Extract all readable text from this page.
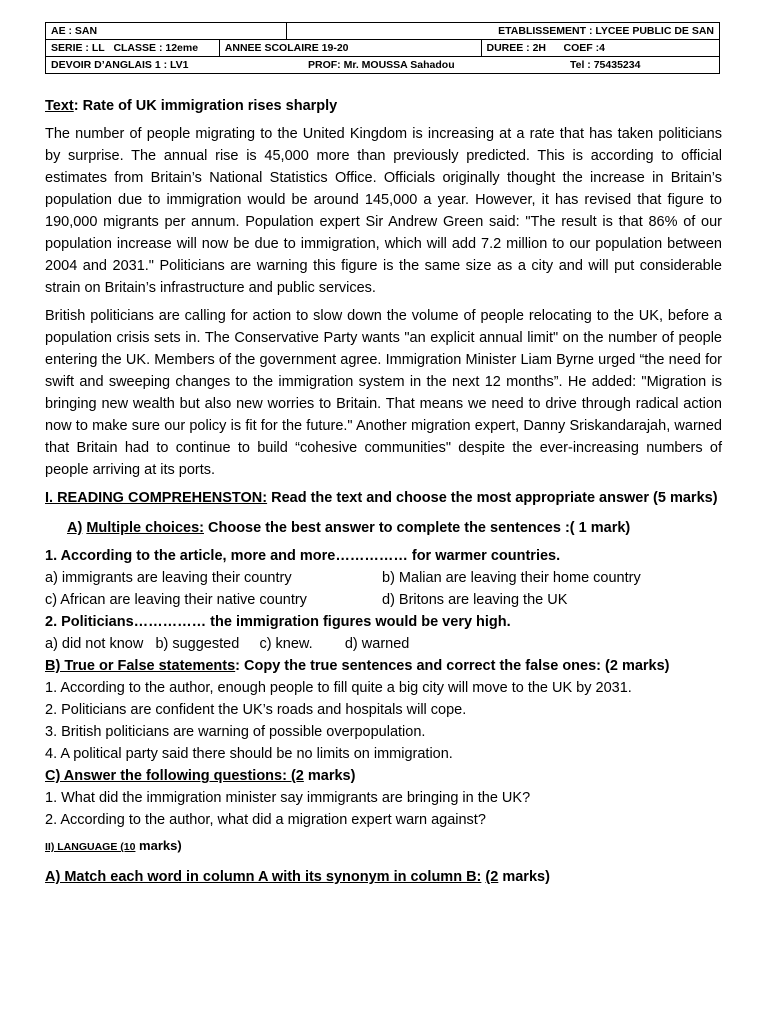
AE : SAN		ETABLISSEMENT : LYCEE PUBLIC DE SAN	
SERIE : LL CLASSE : 12eme	ANNEE SCOLAIRE 19-20		DUREE : 2H COEF :4
DEVOIR D’ANGLAIS 1 : LV1 PROF: Mr. MOUSSA Sahadou Tel : 75435234			
Text: Rate of UK immigration rises sharply

The number of people migrating to the United Kingdom is increasing at a rate that has taken politicians by surprise. The annual rise is 45,000 more than previously predicted. This is according to official estimates from Britain’s National Statistics Office. Officials originally thought the increase in Britain’s population due to immigration would be around 145,000 a year. However, it has revised that figure to 190,000 migrants per annum. Population expert Sir Andrew Green said: "The result is that 86% of our population increase will now be due to immigration, which will add 7.2 million to our population between 2004 and 2031." Politicians are warning this figure is the same size as a city and will put considerable strain on Britain’s infrastructure and public services.

British politicians are calling for action to slow down the volume of people relocating to the UK, before a population crisis sets in. The Conservative Party wants "an explicit annual limit" on the number of people entering the UK. Members of the government agree. Immigration Minister Liam Byrne urged “the need for swift and sweeping changes to the immigration system in the next 12 months”. He added: "Migration is bringing new wealth but also new worries to Britain. That means we need to drive through radical action now to make sure our policy is fit for the future." Another migration expert, Danny Sriskandarajah, warned that Britain had to continue to build “cohesive communities" despite the ever-increasing numbers of people arriving at its ports.

I. READING COMPREHENSTON: Read the text and choose the most appropriate answer (5 marks)
A) Multiple choices: Choose the best answer to complete the sentences :( 1 mark)
1. According to the article, more and more…………… for warmer countries.
a) immigrants are leaving their country	b) Malian are leaving their home country
c) African are leaving their native country	d) Britons are leaving the UK
2. Politicians…………… the immigration figures would be very high.
a) did not know b) suggested c) knew. d) warned
B) True or False statements: Copy the true sentences and correct the false ones: (2 marks)
1. According to the author, enough people to fill quite a big city will move to the UK by 2031.
2. Politicians are confident the UK’s roads and hospitals will cope.
3. British politicians are warning of possible overpopulation.
4. A political party said there should be no limits on immigration.
C) Answer the following questions: (2 marks)
1. What did the immigration minister say immigrants are bringing in the UK?
2. According to the author, what did a migration expert warn against?
II) LANGUAGE (10 marks)
A) Match each word in column A with its synonym in column B: (2 marks)
